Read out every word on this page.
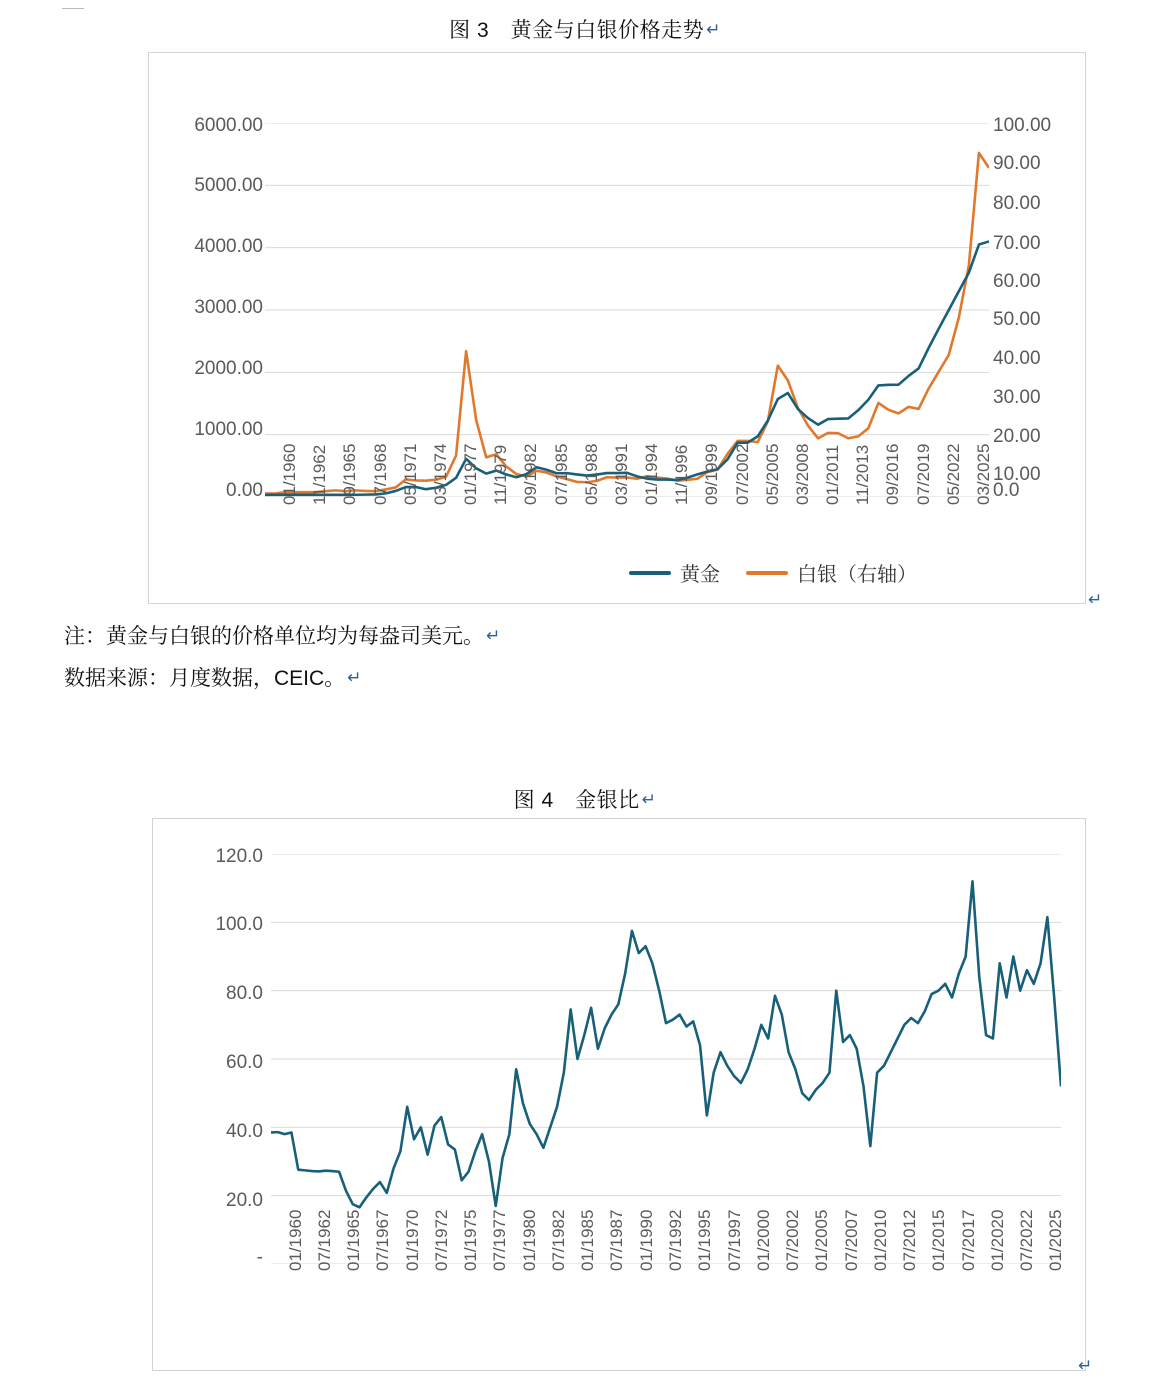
图 3　黄金与白银价格走势 ↵
6000.00
5000.00
4000.00
3000.00
2000.00
1000.00
0.00
100.00
90.00
80.00
70.00
60.00
50.00
40.00
30.00
20.00
10.00
0.0
01/1960 11/1962 09/1965 07/1968 05/1971 03/1974 01/1977 11/1979 09/1982 07/1985 05/1988 03/1991 01/1994 11/1996 09/1999 07/2002 05/2005 03/2008 01/2011 11/2013 09/2016 07/2019 05/2022 03/2025
黄金	白银（右轴）
↵
注：黄金与白银的价格单位均为每盎司美元。 ↵
数据来源：月度数据，CEIC。 ↵
图 4　金银比 ↵
120.0
100.0
80.0
60.0
40.0
20.0
- 01/1960 07/1962 01/1965 07/1967 01/1970 07/1972 01/1975 07/1977 01/1980 07/1982 01/1985 07/1987 01/1990 07/1992 01/1995 07/1997 01/2000 07/2002 01/2005 07/2007 01/2010 07/2012 01/2015 07/2017 01/2020 07/2022 01/2025
↵
